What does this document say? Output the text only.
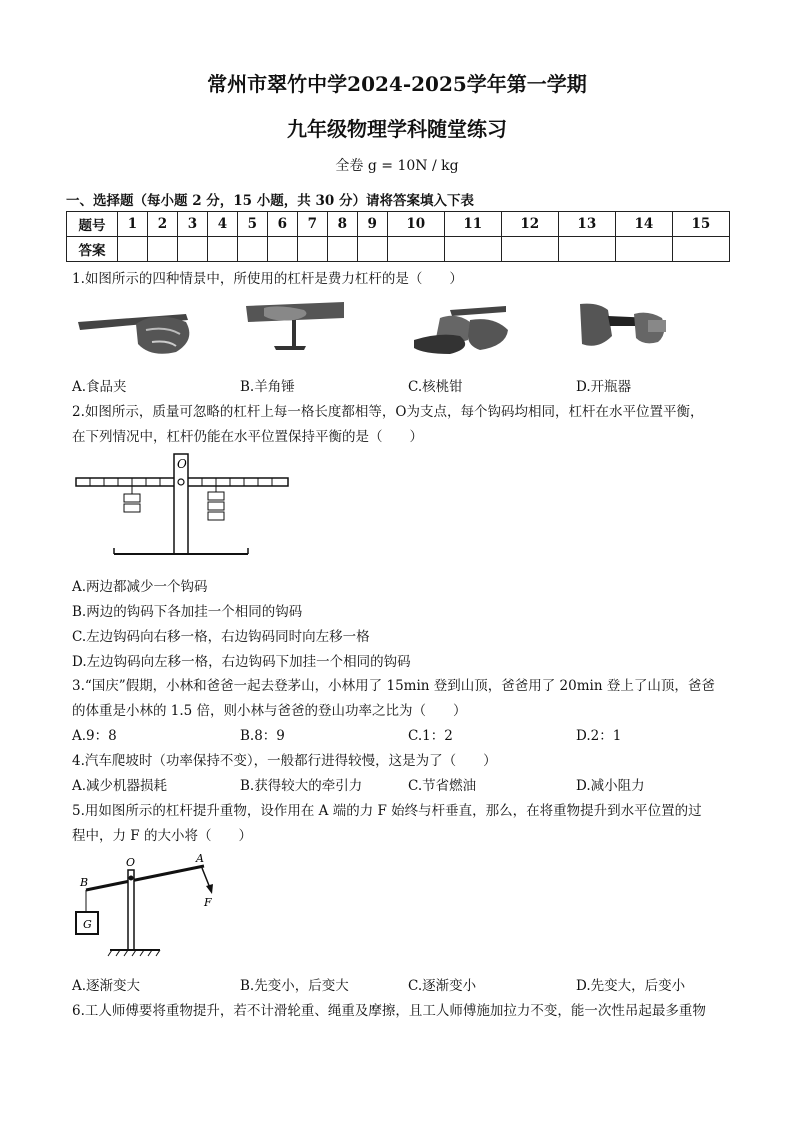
常州市翠竹中学2024-2025学年第一学期
九年级物理学科随堂练习
全卷 g = 10N / kg
一、选择题（每小题 2 分，15 小题，共 30 分）请将答案填入下表
题号	1	2	3	4	5	6	7	8	9	10	11	12	13	14	15
答案															
1.如图所示的四种情景中，所使用的杠杆是费力杠杆的是（　　）
A.食品夹	B.羊角锤	C.核桃钳	D.开瓶器
2.如图所示，质量可忽略的杠杆上每一格长度都相等，O为支点，每个钩码均相同，杠杆在水平位置平衡，
在下列情况中，杠杆仍能在水平位置保持平衡的是（　　）
O
A.两边都减少一个钩码
B.两边的钩码下各加挂一个相同的钩码
C.左边钩码向右移一格，右边钩码同时向左移一格
D.左边钩码向左移一格，右边钩码下加挂一个相同的钩码
3.“国庆”假期，小林和爸爸一起去登茅山，小林用了 15min 登到山顶，爸爸用了 20min 登上了山顶，爸爸
的体重是小林的 1.5 倍，则小林与爸爸的登山功率之比为（　　）
A.9：8	B.8：9	C.1：2	D.2：1
4.汽车爬坡时（功率保持不变），一般都行进得较慢，这是为了（　　）
A.减少机器损耗	B.获得较大的牵引力	C.节省燃油	D.减小阻力
5.用如图所示的杠杆提升重物，设作用在 A 端的力 F 始终与杆垂直，那么，在将重物提升到水平位置的过
程中，力 F 的大小将（　　）
G
O	A
B
F
A.逐渐变大	B.先变小，后变大	C.逐渐变小	D.先变大，后变小
6.工人师傅要将重物提升，若不计滑轮重、绳重及摩擦，且工人师傅施加拉力不变，能一次性吊起最多重物
